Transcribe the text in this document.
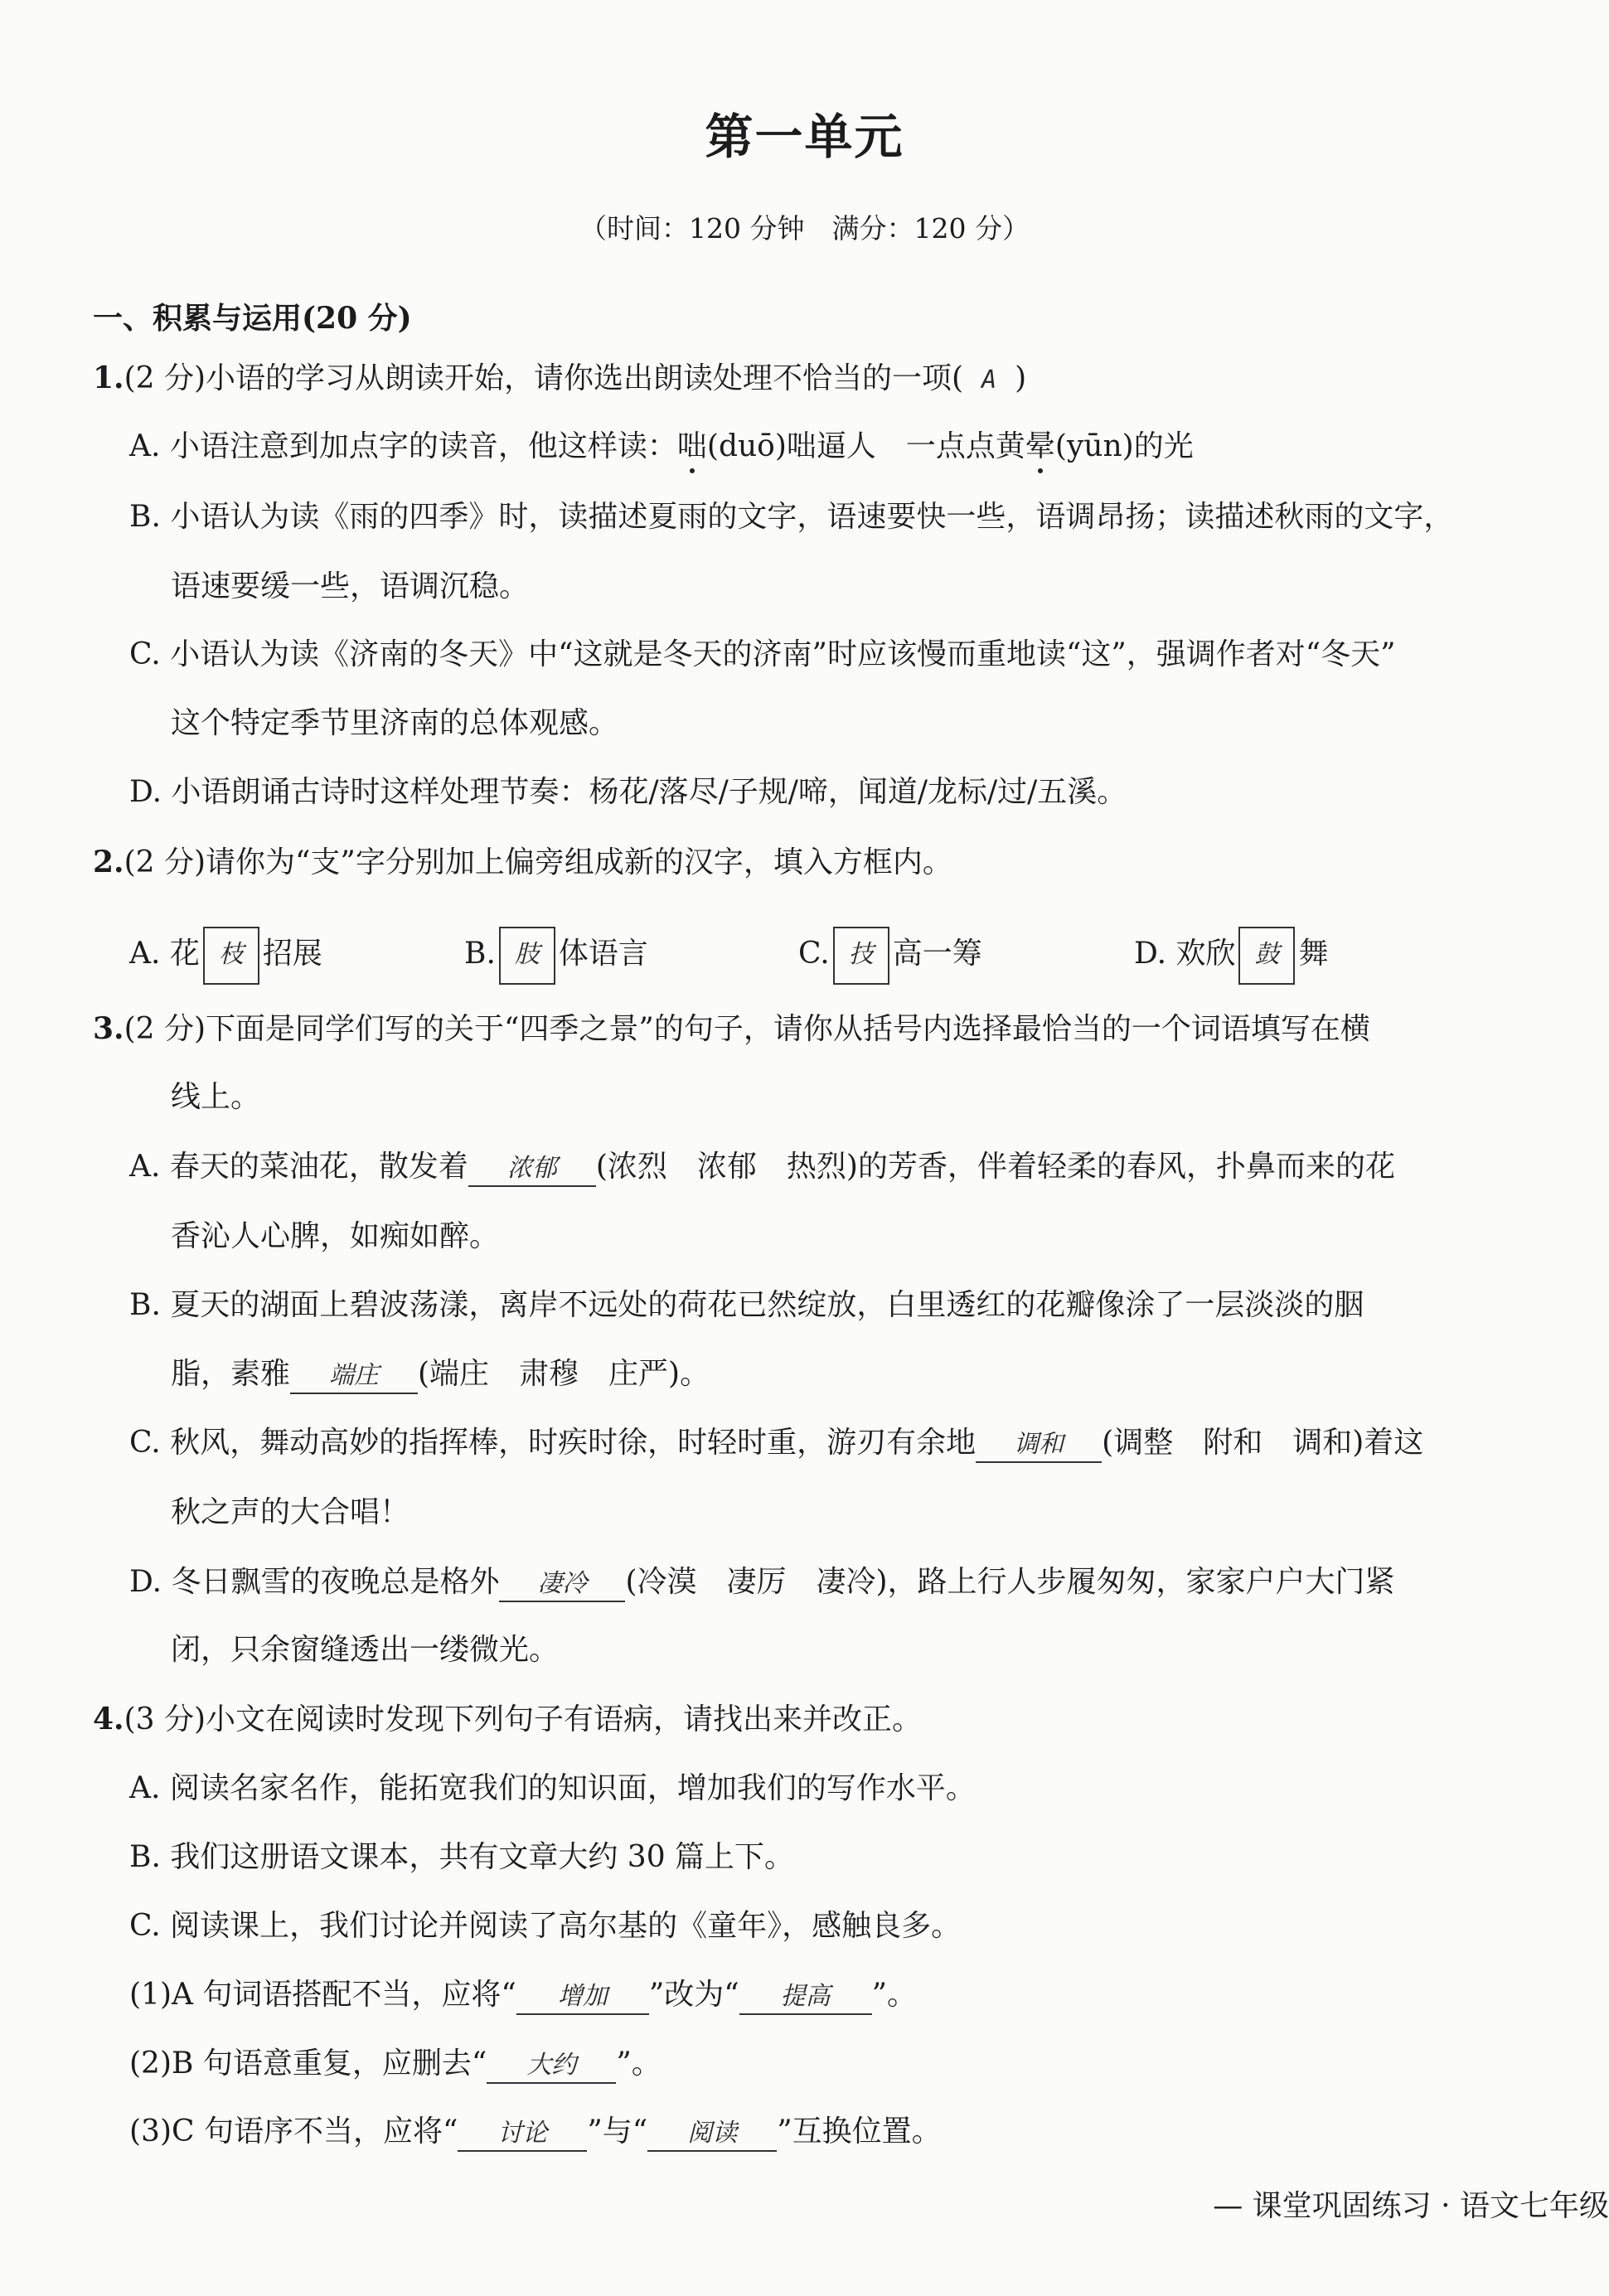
第一单元
（时间：120 分钟　满分：120 分）
一、积累与运用(20 分)
1.(2 分)小语的学习从朗读开始，请你选出朗读处理不恰当的一项( A )
A. 小语注意到加点字的读音，他这样读：咄(duō)咄逼人　一点点黄晕(yūn)的光
B. 小语认为读《雨的四季》时，读描述夏雨的文字，语速要快一些，语调昂扬；读描述秋雨的文字，
语速要缓一些，语调沉稳。
C. 小语认为读《济南的冬天》中“这就是冬天的济南”时应该慢而重地读“这”，强调作者对“冬天”
这个特定季节里济南的总体观感。
D. 小语朗诵古诗时这样处理节奏：杨花/落尽/子规/啼，闻道/龙标/过/五溪。
2.(2 分)请你为“支”字分别加上偏旁组成新的汉字，填入方框内。
A. 花 枝 招展	B. 肢 体语言	C. 技 高一筹	D. 欢欣 鼓 舞
3.(2 分)下面是同学们写的关于“四季之景”的句子，请你从括号内选择最恰当的一个词语填写在横
线上。
A. 春天的菜油花，散发着 浓郁 (浓烈　浓郁　热烈)的芳香，伴着轻柔的春风，扑鼻而来的花
香沁人心脾，如痴如醉。
B. 夏天的湖面上碧波荡漾，离岸不远处的荷花已然绽放，白里透红的花瓣像涂了一层淡淡的胭
脂，素雅 端庄 (端庄　肃穆　庄严)。
C. 秋风，舞动高妙的指挥棒，时疾时徐，时轻时重，游刃有余地 调和 (调整　附和　调和)着这
秋之声的大合唱！
D. 冬日飘雪的夜晚总是格外 凄冷 (冷漠　凄厉　凄冷)，路上行人步履匆匆，家家户户大门紧
闭，只余窗缝透出一缕微光。
4.(3 分)小文在阅读时发现下列句子有语病，请找出来并改正。
A. 阅读名家名作，能拓宽我们的知识面，增加我们的写作水平。
B. 我们这册语文课本，共有文章大约 30 篇上下。
C. 阅读课上，我们讨论并阅读了高尔基的《童年》，感触良多。
(1)A 句词语搭配不当，应将“ 增加 ”改为“ 提高 ”。
(2)B 句语意重复，应删去“ 大约 ”。
(3)C 句语序不当，应将“ 讨论 ”与“ 阅读 ”互换位置。
— 课堂巩固练习 · 语文七年级
